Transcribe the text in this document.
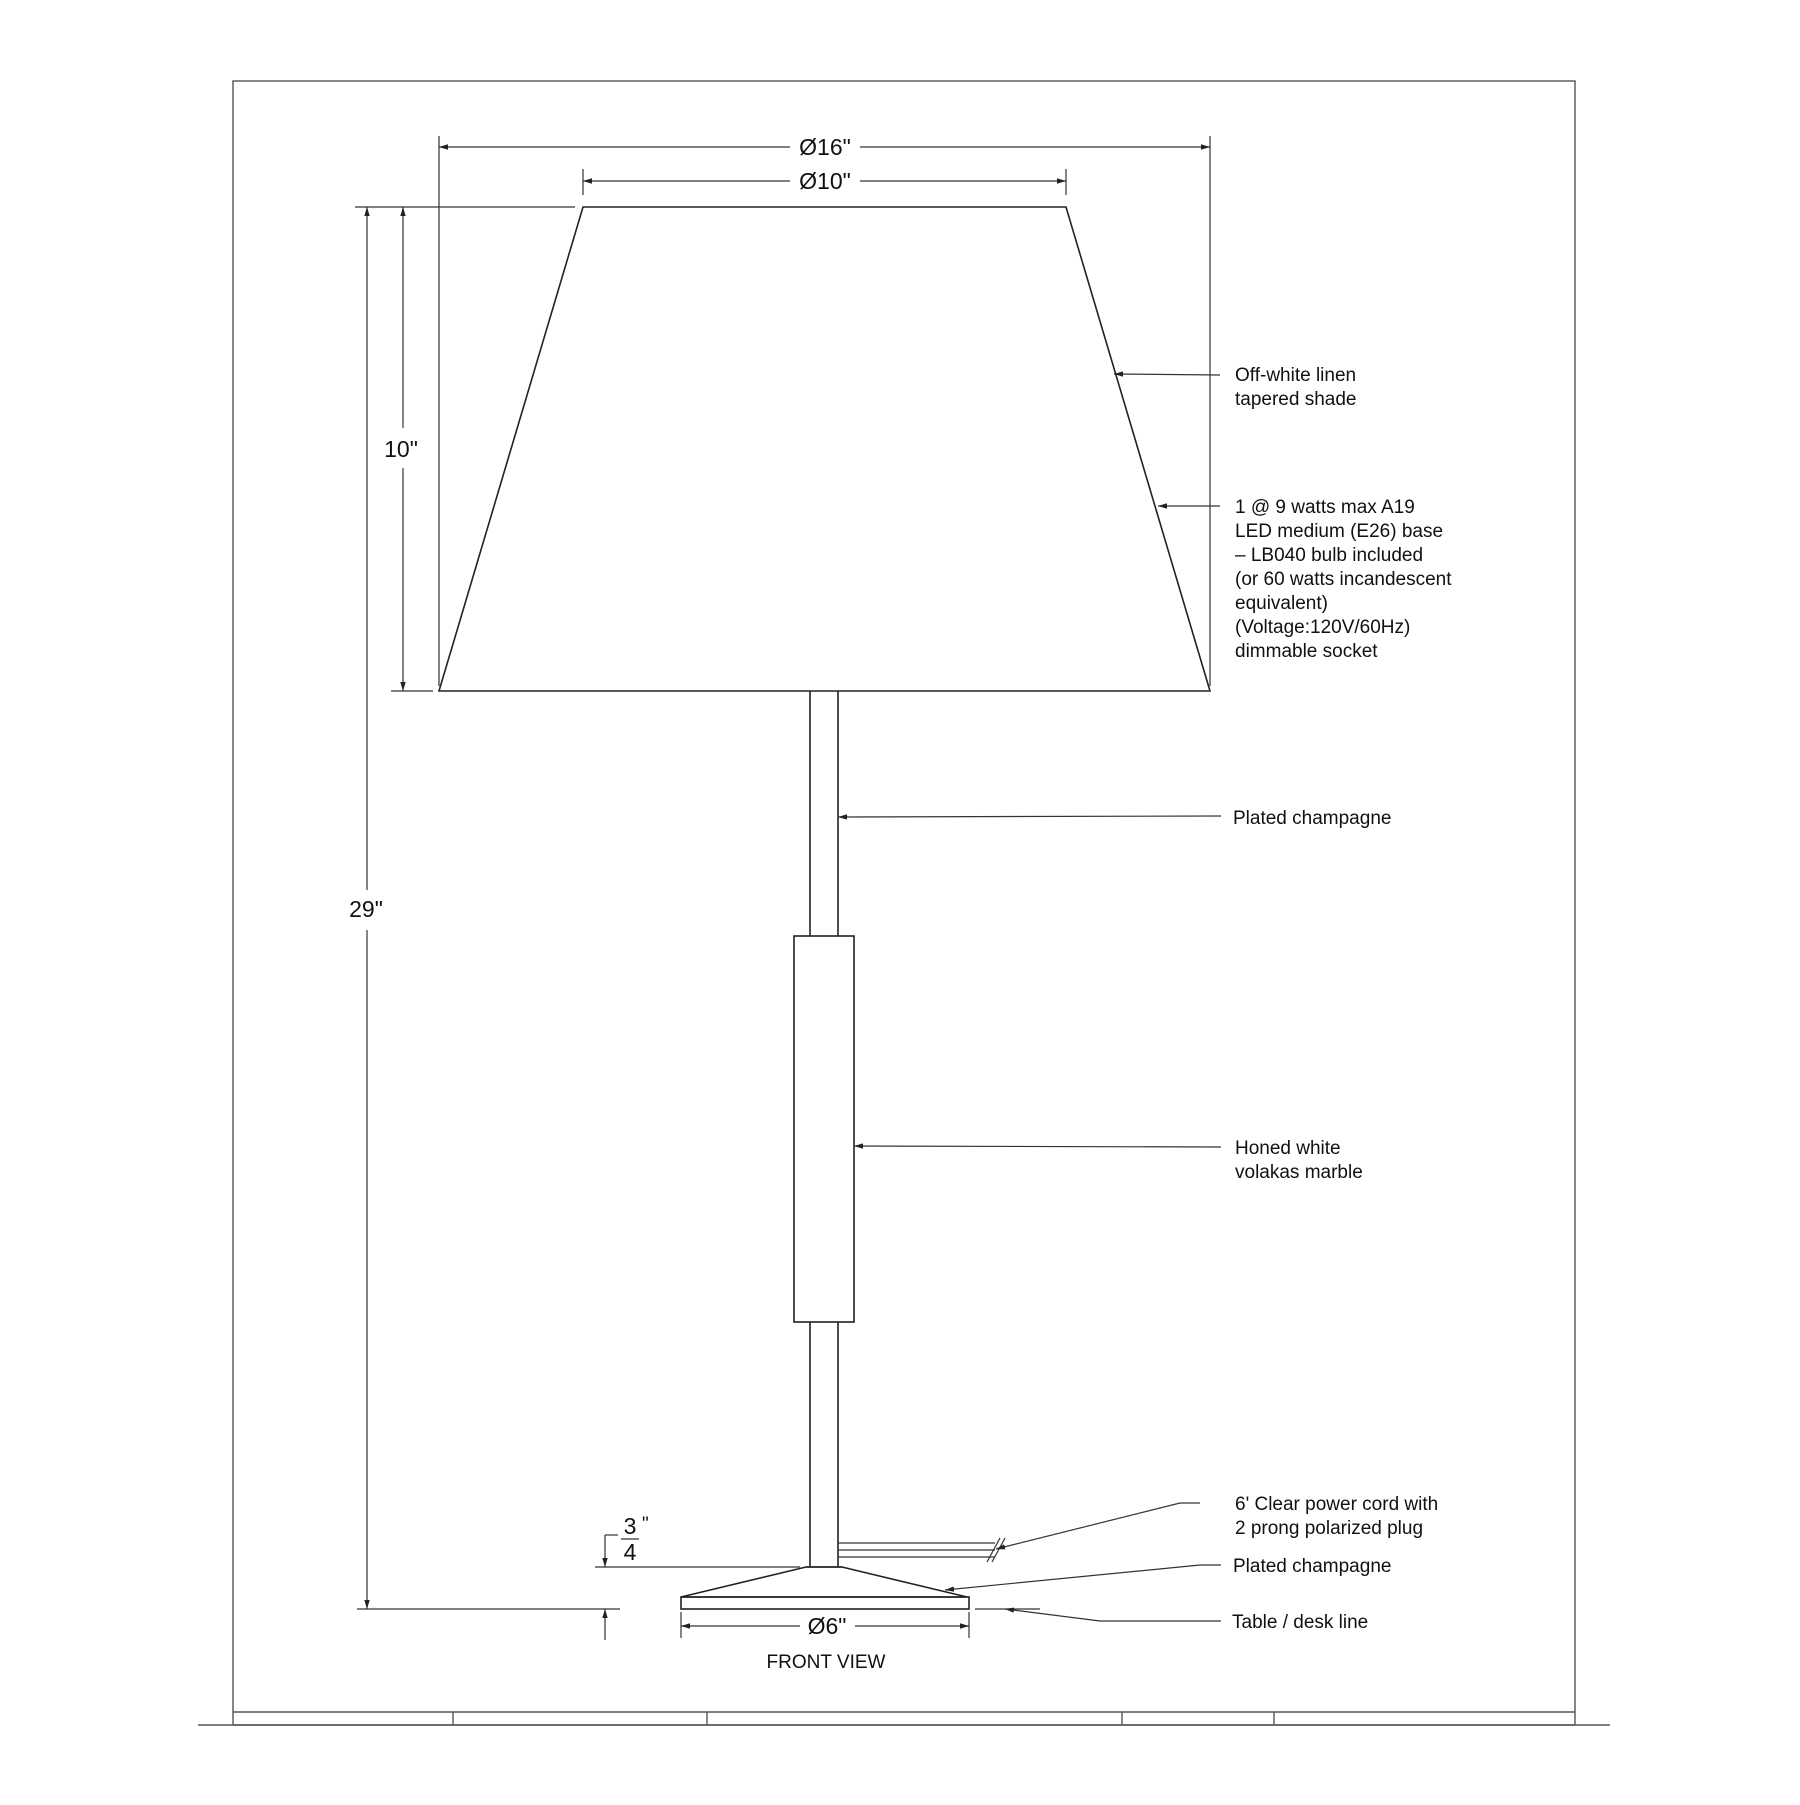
Ø16"
Ø10"
10"
29"
3
4
"
Ø6"
Off-white linen
tapered shade
1 @ 9 watts max A19
LED medium (E26) base
– LB040 bulb included
(or 60 watts incandescent
equivalent)
(Voltage:120V/60Hz)
dimmable socket
Plated champagne
Honed white
volakas marble
6' Clear power cord with
2 prong polarized plug
Plated champagne
Table / desk line
FRONT VIEW
